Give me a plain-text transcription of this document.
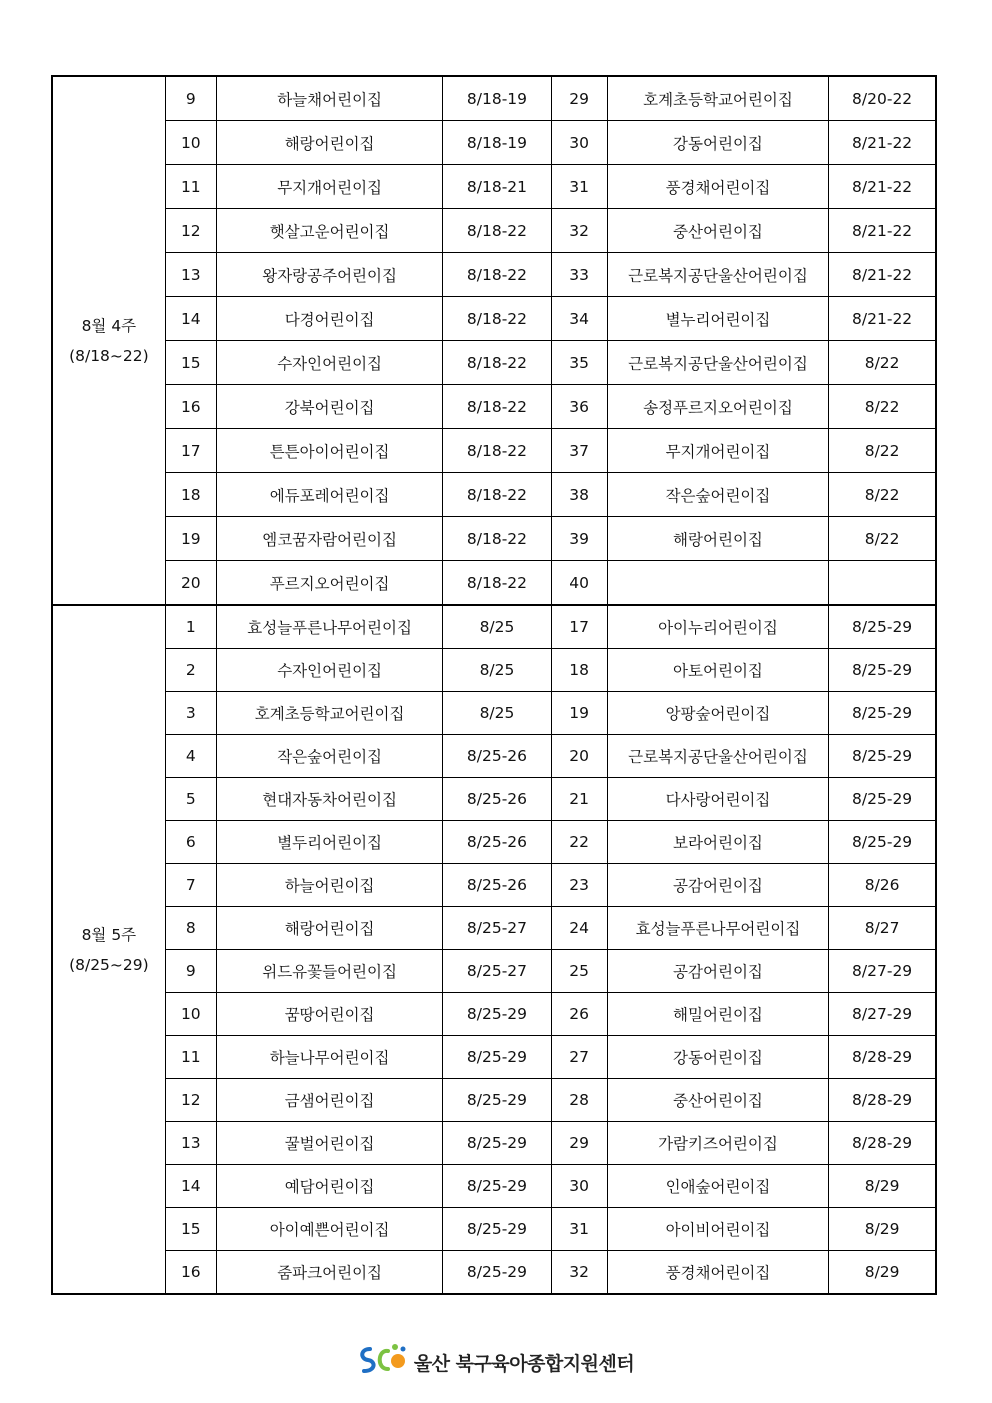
8월 4주
(8/18~22)	9	하늘채어린이집	8/18-19	29	호계초등학교어린이집	8/20-22
	10	해랑어린이집	8/18-19	30	강동어린이집	8/21-22
	11	무지개어린이집	8/18-21	31	풍경채어린이집	8/21-22
	12	햇살고운어린이집	8/18-22	32	중산어린이집	8/21-22
	13	왕자랑공주어린이집	8/18-22	33	근로복지공단울산어린이집	8/21-22
	14	다경어린이집	8/18-22	34	별누리어린이집	8/21-22
	15	수자인어린이집	8/18-22	35	근로복지공단울산어린이집	8/22
	16	강북어린이집	8/18-22	36	송정푸르지오어린이집	8/22
	17	튼튼아이어린이집	8/18-22	37	무지개어린이집	8/22
	18	에듀포레어린이집	8/18-22	38	작은숲어린이집	8/22
	19	엠코꿈자람어린이집	8/18-22	39	해랑어린이집	8/22
	20	푸르지오어린이집	8/18-22	40		

8월 5주
(8/25~29)	1	효성늘푸른나무어린이집	8/25	17	아이누리어린이집	8/25-29
	2	수자인어린이집	8/25	18	아토어린이집	8/25-29
	3	호계초등학교어린이집	8/25	19	앙팡숲어린이집	8/25-29
	4	작은숲어린이집	8/25-26	20	근로복지공단울산어린이집	8/25-29
	5	현대자동차어린이집	8/25-26	21	다사랑어린이집	8/25-29
	6	별두리어린이집	8/25-26	22	보라어린이집	8/25-29
	7	하늘어린이집	8/25-26	23	공감어린이집	8/26
	8	해랑어린이집	8/25-27	24	효성늘푸른나무어린이집	8/27
	9	위드유꽃들어린이집	8/25-27	25	공감어린이집	8/27-29
	10	꿈땅어린이집	8/25-29	26	해밀어린이집	8/27-29
	11	하늘나무어린이집	8/25-29	27	강동어린이집	8/28-29
	12	금샘어린이집	8/25-29	28	중산어린이집	8/28-29
	13	꿀벌어린이집	8/25-29	29	가람키즈어린이집	8/28-29
	14	예담어린이집	8/25-29	30	인애숲어린이집	8/29
	15	아이예쁜어린이집	8/25-29	31	아이비어린이집	8/29
	16	줌파크어린이집	8/25-29	32	풍경채어린이집	8/29
울산 북구육아종합지원센터
